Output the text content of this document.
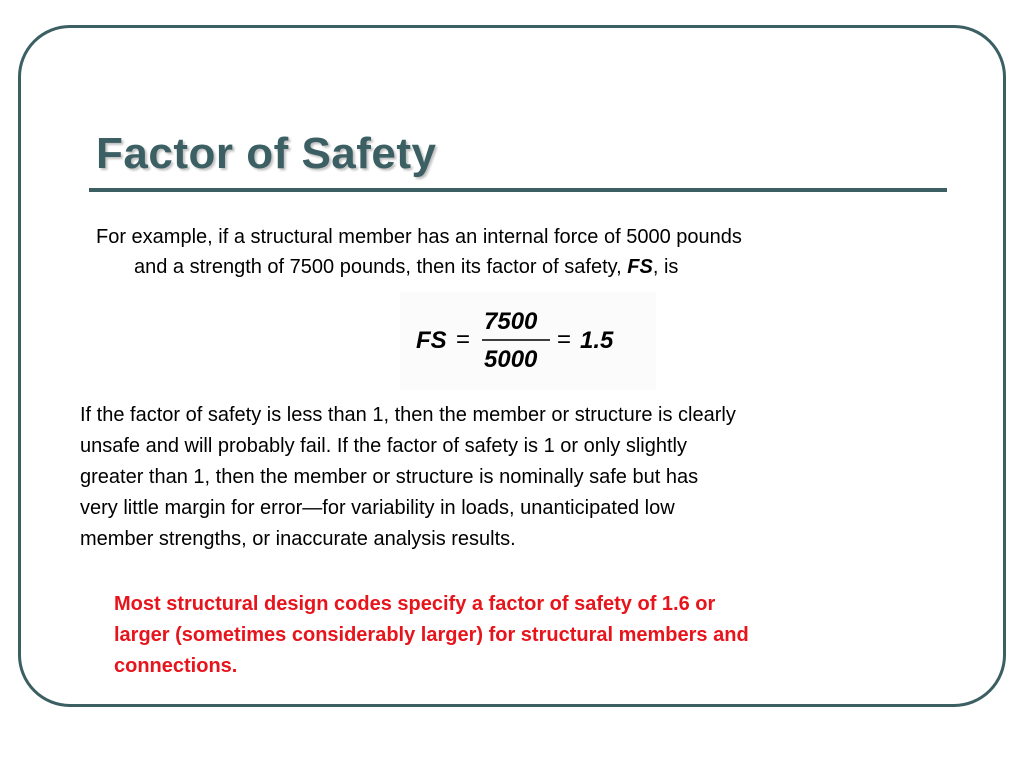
Factor of Safety
For example, if a structural member has an internal force of 5000 pounds
and a strength of 7500 pounds, then its factor of safety, FS, is
FS =
7500
5000
= 1.5
If the factor of safety is less than 1, then the member or structure is clearly
unsafe and will probably fail. If the factor of safety is 1 or only slightly
greater than 1, then the member or structure is nominally safe but has
very little margin for error—for variability in loads, unanticipated low
member strengths, or inaccurate analysis results.
Most structural design codes specify a factor of safety of 1.6 or
larger (sometimes considerably larger) for structural members and
connections.
